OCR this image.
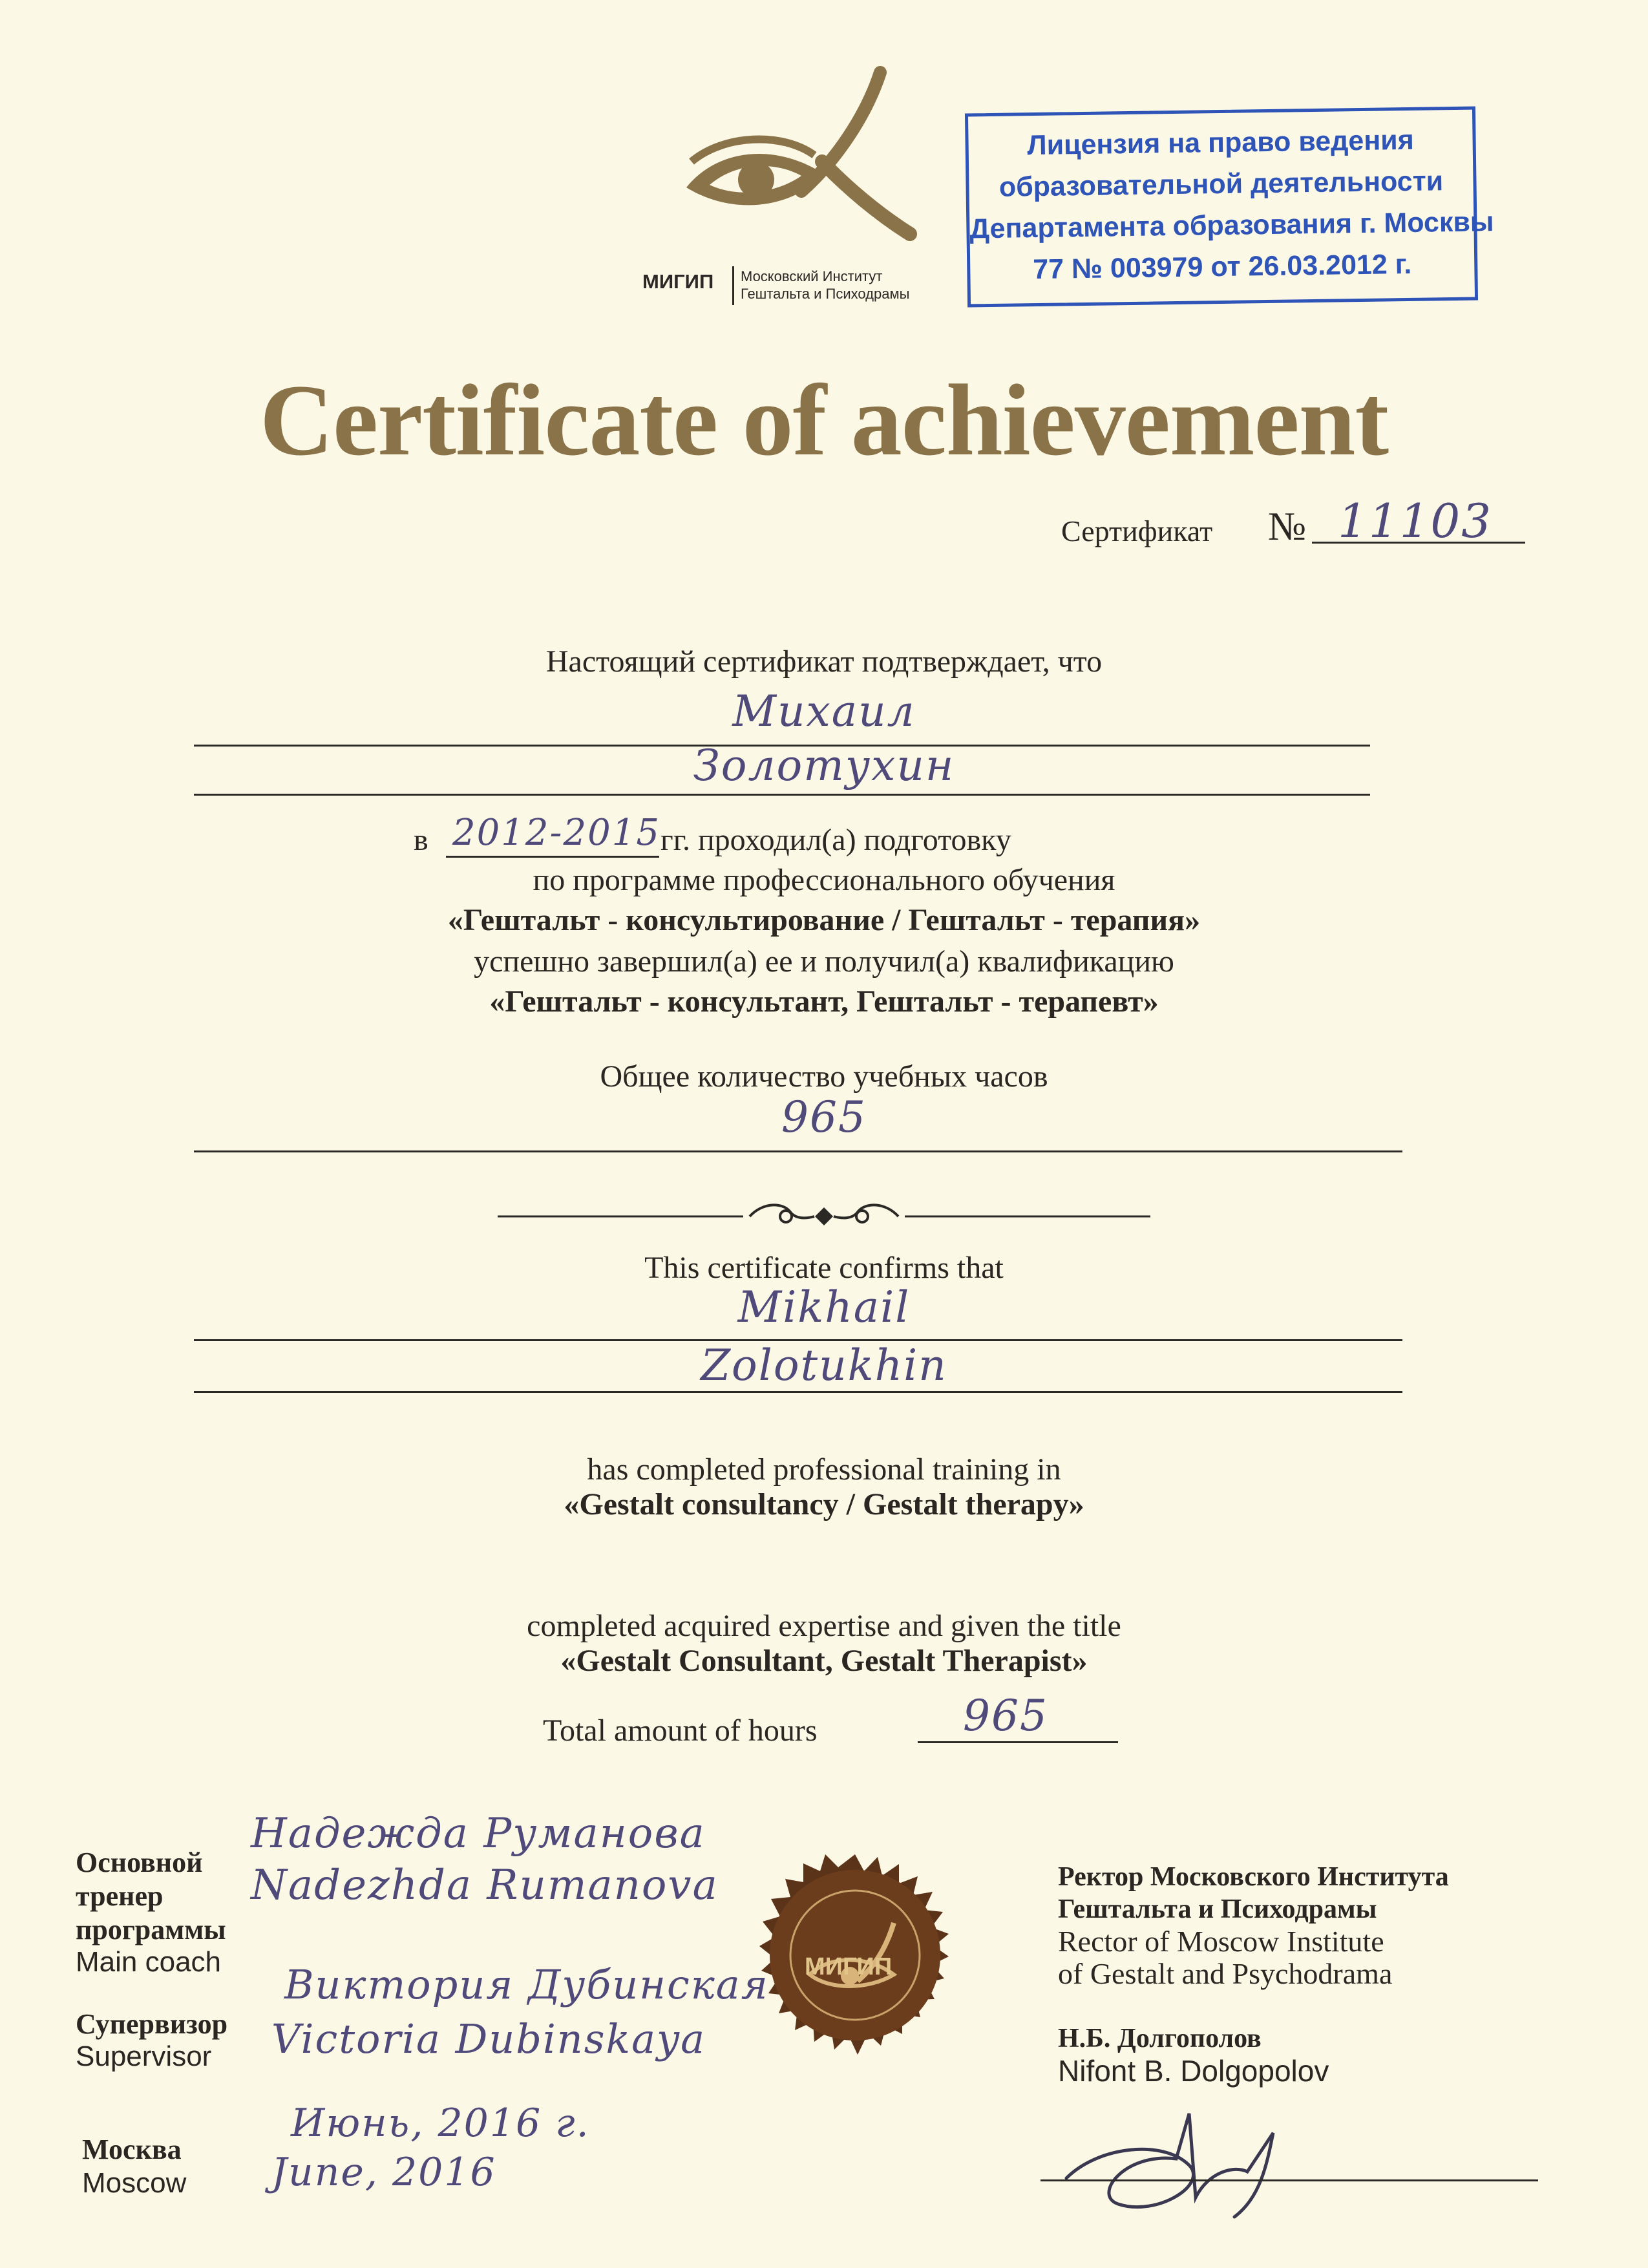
МИГИП Московский Институт
Гештальта и Психодрамы
Лицензия на право ведения
образовательной деятельности
Департамента образования г. Москвы
77 № 003979 от 26.03.2012 г.
Certificate of achievement
Сертификат № 11103
Настоящий сертификат подтверждает, что
Михаил
Золотухин
в 2012-2015 гг. проходил(а) подготовку
по программе профессионального обучения
«Гештальт - консультирование / Гештальт - терапия»
успешно завершил(а) ее и получил(а) квалификацию
«Гештальт - консультант, Гештальт - терапевт»
Общее количество учебных часов
965
This certificate confirms that
Mikhail
Zolotukhin
has completed professional training in
«Gestalt consultancy / Gestalt therapy»
completed acquired expertise and given the title
«Gestalt Consultant, Gestalt Therapist»
Total amount of hours	965
Основной
тренер
программы
Main coach
Надежда Руманова
Nadezhda Rumanova
Виктория Дубинская
Супервизор
Supervisor Victoria Dubinskaya
Москва
Moscow
Июнь, 2016 г.
June, 2016
МИГИП
Ректор Московского Института
Гештальта и Психодрамы
Rector of Moscow Institute
of Gestalt and Psychodrama
Н.Б. Долгополов
Nifont B. Dolgopolov
